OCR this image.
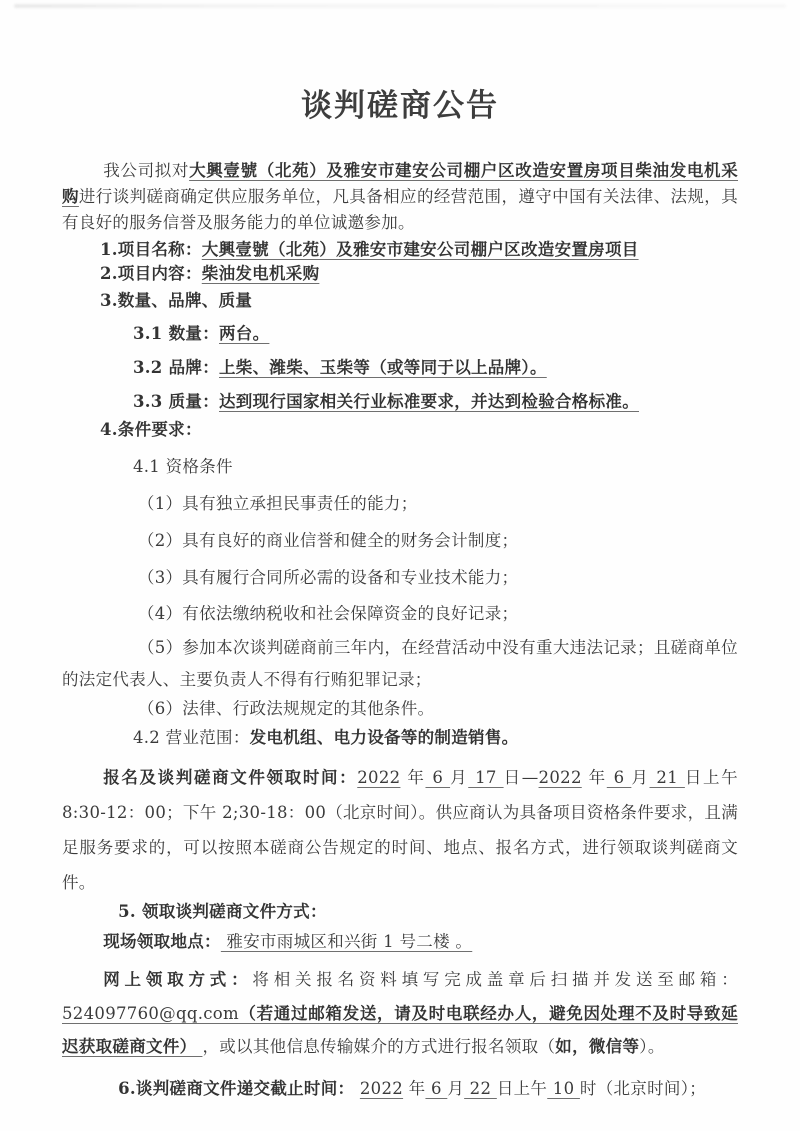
谈判磋商公告

我公司拟对大興壹號（北苑）及雅安市建安公司棚户区改造安置房项目柴油发电机采购进行谈判磋商确定供应服务单位，凡具备相应的经营范围，遵守中国有关法律、法规，具有良好的服务信誉及服务能力的单位诚邀参加。

1.项目名称：大興壹號（北苑）及雅安市建安公司棚户区改造安置房项目

2.项目内容：柴油发电机采购

3.数量、品牌、质量

3.1 数量：两台。

3.2 品牌：上柴、潍柴、玉柴等（或等同于以上品牌）。

3.3 质量：达到现行国家相关行业标准要求，并达到检验合格标准。

4.条件要求：

4.1 资格条件

（1）具有独立承担民事责任的能力；

（2）具有良好的商业信誉和健全的财务会计制度；

（3）具有履行合同所必需的设备和专业技术能力；

（4）有依法缴纳税收和社会保障资金的良好记录；

（5）参加本次谈判磋商前三年内，在经营活动中没有重大违法记录；且磋商单位的法定代表人、主要负责人不得有行贿犯罪记录；

（6）法律、行政法规规定的其他条件。

4.2 营业范围：发电机组、电力设备等的制造销售。

报名及谈判磋商文件领取时间：2022 年 6 月 17 日—2022 年 6 月 21 日上午 8:30-12：00；下午 2;30-18：00（北京时间）。供应商认为具备项目资格条件要求，且满足服务要求的，可以按照本磋商公告规定的时间、地点、报名方式，进行领取谈判磋商文件。

5. 领取谈判磋商文件方式：

现场领取地点： 雅安市雨城区和兴街 1 号二楼 。

网上领取方式：将相关报名资料填写完成盖章后扫描并发送至邮箱： 524097760@qq.com（若通过邮箱发送，请及时电联经办人，避免因处理不及时导致延迟获取磋商文件） ，或以其他信息传输媒介的方式进行报名领取（如，微信等）。

6.谈判磋商文件递交截止时间： 2022 年 6 月 22 日上午 10 时（北京时间）；
